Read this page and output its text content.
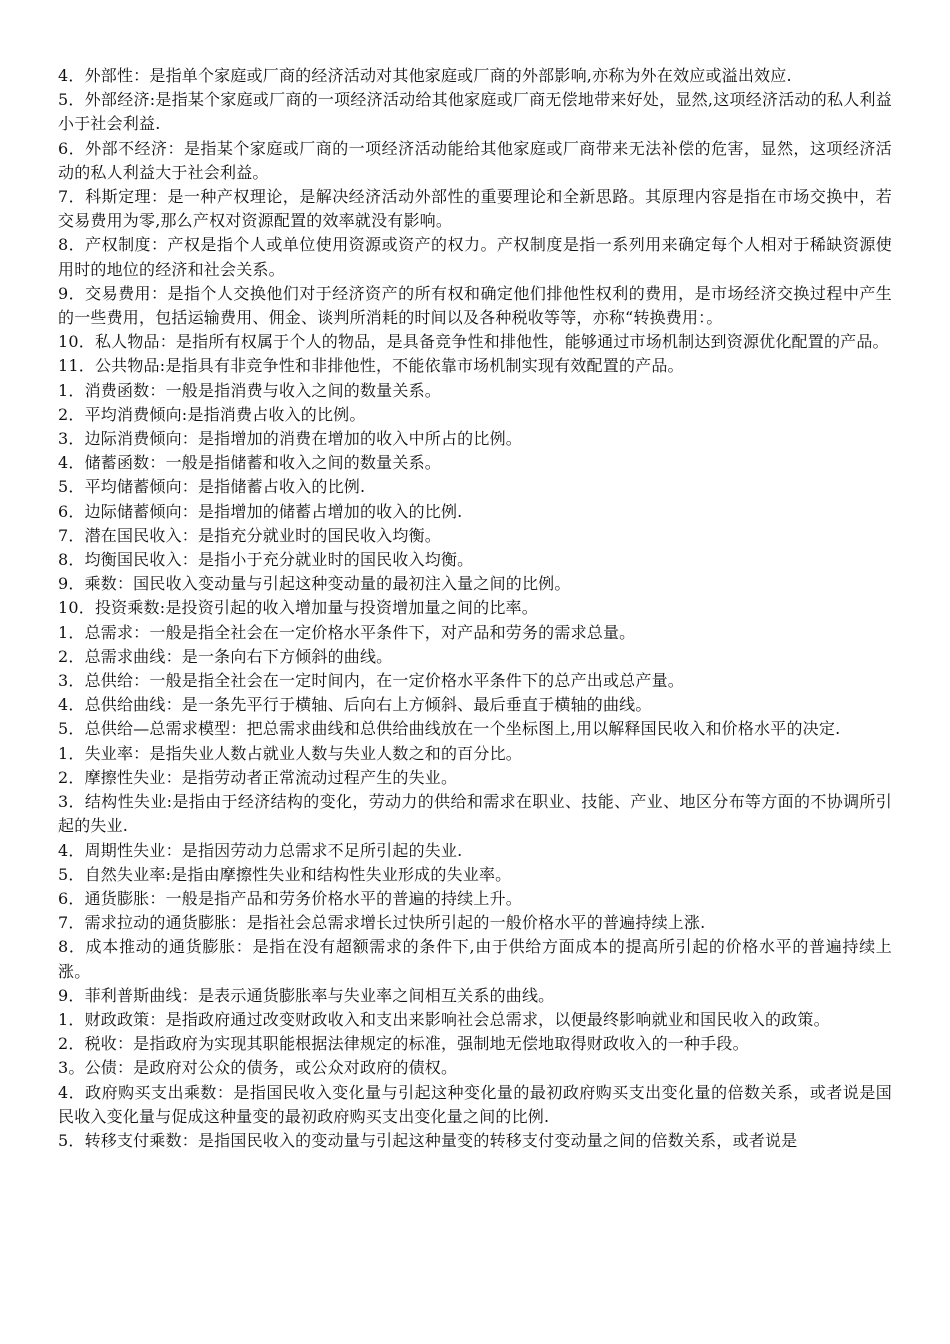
4．外部性：是指单个家庭或厂商的经济活动对其他家庭或厂商的外部影响,亦称为外在效应或溢出效应.

5．外部经济:是指某个家庭或厂商的一项经济活动给其他家庭或厂商无偿地带来好处，显然,这项经济活动的私人利益小于社会利益.

6．外部不经济：是指某个家庭或厂商的一项经济活动能给其他家庭或厂商带来无法补偿的危害，显然，这项经济活动的私人利益大于社会利益。

7．科斯定理：是一种产权理论，是解决经济活动外部性的重要理论和全新思路。其原理内容是指在市场交换中，若交易费用为零,那么产权对资源配置的效率就没有影响。

8．产权制度：产权是指个人或单位使用资源或资产的权力。产权制度是指一系列用来确定每个人相对于稀缺资源使用时的地位的经济和社会关系。

9．交易费用：是指个人交换他们对于经济资产的所有权和确定他们排他性权利的费用，是市场经济交换过程中产生的一些费用，包括运输费用、佣金、谈判所消耗的时间以及各种税收等等，亦称“转换费用：。

10．私人物品：是指所有权属于个人的物品，是具备竞争性和排他性，能够通过市场机制达到资源优化配置的产品。

11．公共物品:是指具有非竞争性和非排他性，不能依靠市场机制实现有效配置的产品。

1．消费函数：一般是指消费与收入之间的数量关系。

2．平均消费倾向:是指消费占收入的比例。

3．边际消费倾向：是指增加的消费在增加的收入中所占的比例。

4．储蓄函数：一般是指储蓄和收入之间的数量关系。

5．平均储蓄倾向：是指储蓄占收入的比例.

6．边际储蓄倾向：是指增加的储蓄占增加的收入的比例.

7．潜在国民收入：是指充分就业时的国民收入均衡。

8．均衡国民收入：是指小于充分就业时的国民收入均衡。

9．乘数：国民收入变动量与引起这种变动量的最初注入量之间的比例。

10．投资乘数:是投资引起的收入增加量与投资增加量之间的比率。

1．总需求：一般是指全社会在一定价格水平条件下，对产品和劳务的需求总量。

2．总需求曲线：是一条向右下方倾斜的曲线。

3．总供给：一般是指全社会在一定时间内，在一定价格水平条件下的总产出或总产量。

4．总供给曲线：是一条先平行于横轴、后向右上方倾斜、最后垂直于横轴的曲线。

5．总供给—总需求模型：把总需求曲线和总供给曲线放在一个坐标图上,用以解释国民收入和价格水平的决定.

1．失业率：是指失业人数占就业人数与失业人数之和的百分比。

2．摩擦性失业：是指劳动者正常流动过程产生的失业。

3．结构性失业:是指由于经济结构的变化，劳动力的供给和需求在职业、技能、产业、地区分布等方面的不协调所引起的失业.

4．周期性失业：是指因劳动力总需求不足所引起的失业.

5．自然失业率:是指由摩擦性失业和结构性失业形成的失业率。

6．通货膨胀：一般是指产品和劳务价格水平的普遍的持续上升。

7．需求拉动的通货膨胀：是指社会总需求增长过快所引起的一般价格水平的普遍持续上涨.

8．成本推动的通货膨胀：是指在没有超额需求的条件下,由于供给方面成本的提高所引起的价格水平的普遍持续上涨。

9．菲利普斯曲线：是表示通货膨胀率与失业率之间相互关系的曲线。

1．财政政策：是指政府通过改变财政收入和支出来影响社会总需求，以便最终影响就业和国民收入的政策。

2．税收：是指政府为实现其职能根据法律规定的标准，强制地无偿地取得财政收入的一种手段。

3。公债：是政府对公众的债务，或公众对政府的债权。

4．政府购买支出乘数：是指国民收入变化量与引起这种变化量的最初政府购买支出变化量的倍数关系，或者说是国民收入变化量与促成这种量变的最初政府购买支出变化量之间的比例.

5．转移支付乘数：是指国民收入的变动量与引起这种量变的转移支付变动量之间的倍数关系，或者说是
